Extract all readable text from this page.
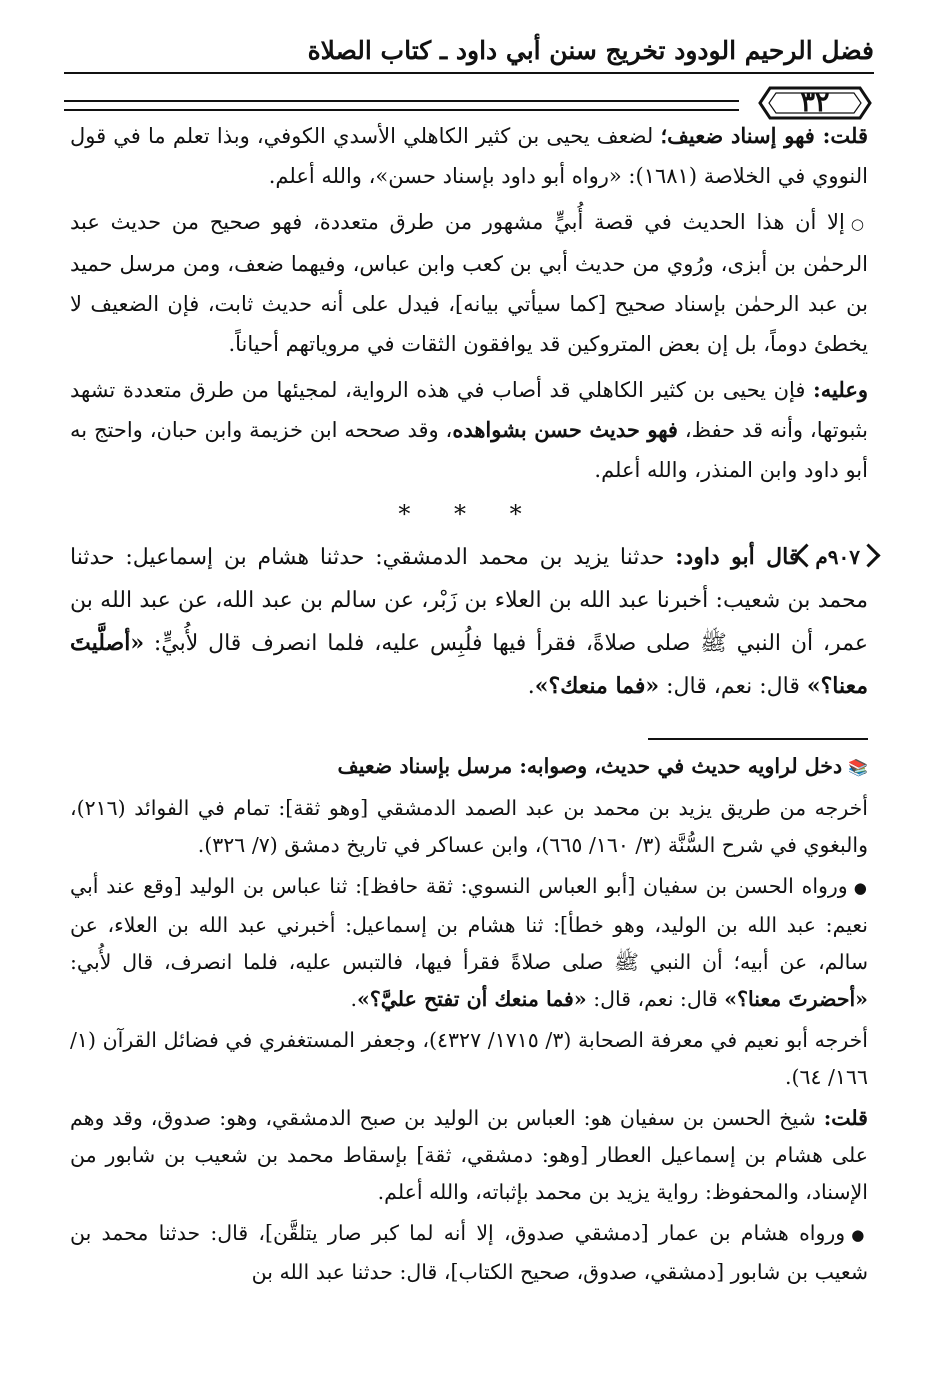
فضل الرحيم الودود تخريج سنن أبي داود ـ كتاب الصلاة
٣٢

قلت: فهو إسناد ضعيف؛ لضعف يحيى بن كثير الكاهلي الأسدي الكوفي، وبذا تعلم ما في قول النووي في الخلاصة (١٦٨١): «رواه أبو داود بإسناد حسن»، والله أعلم.

○إلا أن هذا الحديث في قصة أُبيٍّ مشهور من طرق متعددة، فهو صحيح من حديث عبد الرحمٰن بن أبزى، ورُوي من حديث أبي بن كعب وابن عباس، وفيهما ضعف، ومن مرسل حميد بن عبد الرحمٰن بإسناد صحيح [كما سيأتي بيانه]، فيدل على أنه حديث ثابت، فإن الضعيف لا يخطئ دوماً، بل إن بعض المتروكين قد يوافقون الثقات في مروياتهم أحياناً.

وعليه: فإن يحيى بن كثير الكاهلي قد أصاب في هذه الرواية، لمجيئها من طرق متعددة تشهد بثبوتها، وأنه قد حفظ، فهو حديث حسن بشواهده، وقد صححه ابن خزيمة وابن حبان، واحتج به أبو داود وابن المنذر، والله أعلم.

* * *

٩٠٧مقال أبو داود: حدثنا يزيد بن محمد الدمشقي: حدثنا هشام بن إسماعيل: حدثنا محمد بن شعيب: أخبرنا عبد الله بن العلاء بن زَبْر، عن سالم بن عبد الله، عن عبد الله بن عمر، أن النبي ﷺ صلى صلاةً، فقرأ فيها فلُبِس عليه، فلما انصرف قال لأُبيٍّ: «أصلَّيتَ معنا؟» قال: نعم، قال: «فما منعك؟».

📚دخل لراويه حديث في حديث، وصوابه: مرسل بإسناد ضعيف

أخرجه من طريق يزيد بن محمد بن عبد الصمد الدمشقي [وهو ثقة]: تمام في الفوائد (٢١٦)، والبغوي في شرح السُّنَّة (٣/ ١٦٠/ ٦٦٥)، وابن عساكر في تاريخ دمشق (٧/ ٣٢٦).

●ورواه الحسن بن سفيان [أبو العباس النسوي: ثقة حافظ]: ثنا عباس بن الوليد [وقع عند أبي نعيم: عبد الله بن الوليد، وهو خطأ]: ثنا هشام بن إسماعيل: أخبرني عبد الله بن العلاء، عن سالم، عن أبيه؛ أن النبي ﷺ صلى صلاةً فقرأ فيها، فالتبس عليه، فلما انصرف، قال لأُبي: «أحضرتَ معنا؟» قال: نعم، قال: «فما منعك أن تفتح عليَّ؟».

أخرجه أبو نعيم في معرفة الصحابة (٣/ ١٧١٥/ ٤٣٢٧)، وجعفر المستغفري في فضائل القرآن (١/ ١٦٦/ ٦٤).

قلت: شيخ الحسن بن سفيان هو: العباس بن الوليد بن صبح الدمشقي، وهو: صدوق، وقد وهم على هشام بن إسماعيل العطار [وهو: دمشقي، ثقة] بإسقاط محمد بن شعيب بن شابور من الإسناد، والمحفوظ: رواية يزيد بن محمد بإثباته، والله أعلم.

●ورواه هشام بن عمار [دمشقي صدوق، إلا أنه لما كبر صار يتلقَّن]، قال: حدثنا محمد بن شعيب بن شابور [دمشقي، صدوق، صحيح الكتاب]، قال: حدثنا عبد الله بن
